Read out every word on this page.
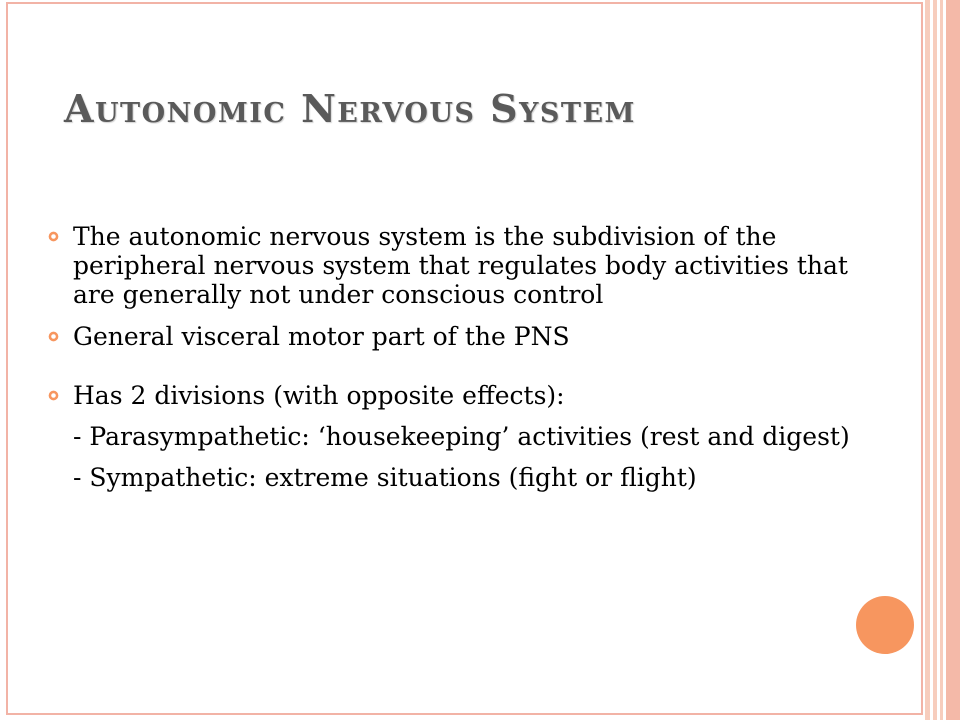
Autonomic Nervous System
The autonomic nervous system is the subdivision of the peripheral nervous system that regulates body activities that are generally not under conscious control
General visceral motor part of the PNS
Has 2 divisions (with opposite effects):
- Parasympathetic: ‘housekeeping’ activities (rest and digest)
- Sympathetic: extreme situations (fight or flight)
